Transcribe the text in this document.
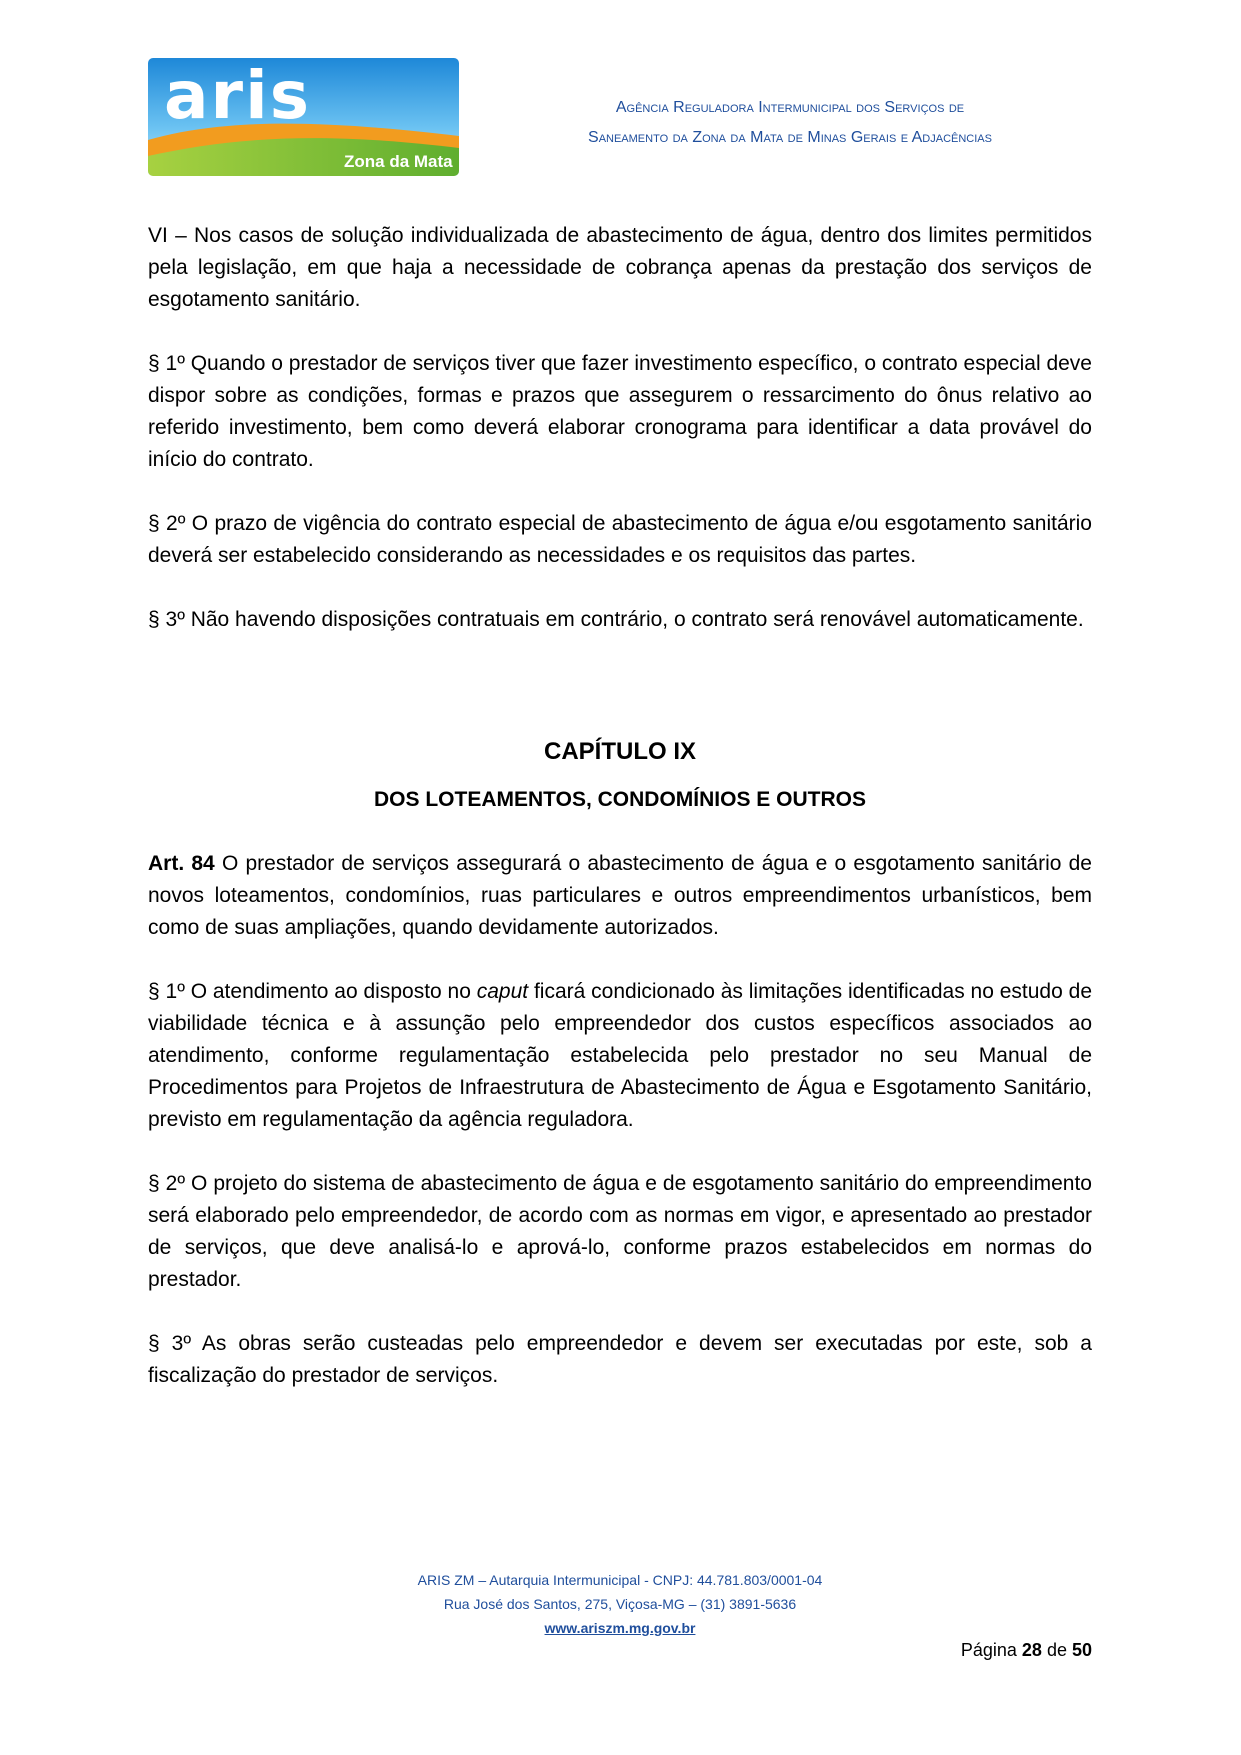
aris
Zona da Mata
Agência Reguladora Intermunicipal dos Serviços de
Saneamento da Zona da Mata de Minas Gerais e Adjacências

VI – Nos casos de solução individualizada de abastecimento de água, dentro dos limites permitidos pela legislação, em que haja a necessidade de cobrança apenas da prestação dos serviços de esgotamento sanitário.

§ 1º Quando o prestador de serviços tiver que fazer investimento específico, o contrato especial deve dispor sobre as condições, formas e prazos que assegurem o ressarcimento do ônus relativo ao referido investimento, bem como deverá elaborar cronograma para identificar a data provável do início do contrato.

§ 2º O prazo de vigência do contrato especial de abastecimento de água e/ou esgotamento sanitário deverá ser estabelecido considerando as necessidades e os requisitos das partes.

§ 3º Não havendo disposições contratuais em contrário, o contrato será renovável automaticamente.

CAPÍTULO IX
DOS LOTEAMENTOS, CONDOMÍNIOS E OUTROS

Art. 84 O prestador de serviços assegurará o abastecimento de água e o esgotamento sanitário de novos loteamentos, condomínios, ruas particulares e outros empreendimentos urbanísticos, bem como de suas ampliações, quando devidamente autorizados.

§ 1º O atendimento ao disposto no caput ficará condicionado às limitações identificadas no estudo de viabilidade técnica e à assunção pelo empreendedor dos custos específicos associados ao atendimento, conforme regulamentação estabelecida pelo prestador no seu Manual de Procedimentos para Projetos de Infraestrutura de Abastecimento de Água e Esgotamento Sanitário, previsto em regulamentação da agência reguladora.

§ 2º O projeto do sistema de abastecimento de água e de esgotamento sanitário do empreendimento será elaborado pelo empreendedor, de acordo com as normas em vigor, e apresentado ao prestador de serviços, que deve analisá-lo e aprová-lo, conforme prazos estabelecidos em normas do prestador.

§ 3º As obras serão custeadas pelo empreendedor e devem ser executadas por este, sob a fiscalização do prestador de serviços.

ARIS ZM – Autarquia Intermunicipal - CNPJ: 44.781.803/0001-04
Rua José dos Santos, 275, Viçosa-MG – (31) 3891-5636
www.ariszm.mg.gov.br
Página 28 de 50
